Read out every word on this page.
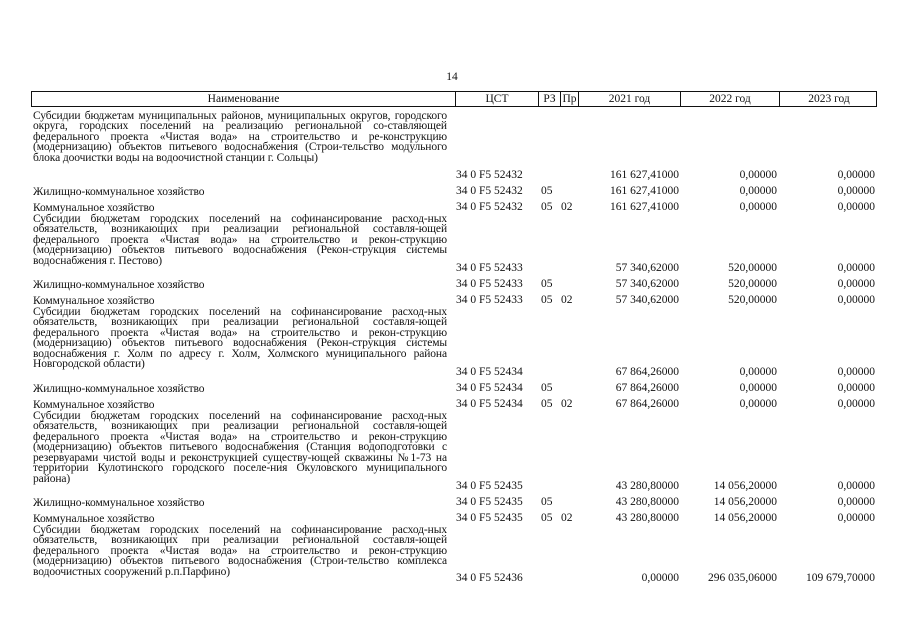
14
Наименование	ЦСТ	РЗ Пр	2021 год	2022 год	2023 год
Субсидии бюджетам муниципальных районов, муниципальных округов, городского округа, городских поселений на реализацию региональной со-ставляющей федерального проекта «Чистая вода» на строительство и ре-конструкцию (модернизацию) объектов питьевого водоснабжения (Строи-тельство модульного блока доочистки воды на водоочистной станции г. Сольцы)
34 0 F5 52432	161 627,41000	0,00000	0,00000
Жилищно-коммунальное хозяйство	34 0 F5 52432 05	161 627,41000	0,00000	0,00000
Коммунальное хозяйство	34 0 F5 52432 05 02	161 627,41000	0,00000	0,00000
Субсидии бюджетам городских поселений на софинансирование расход-ных обязательств, возникающих при реализации региональной составля-ющей федерального проекта «Чистая вода» на строительство и рекон-струкцию (модернизацию) объектов питьевого водоснабжения (Рекон-струкция системы водоснабжения г. Пестово)
34 0 F5 52433	57 340,62000	520,00000	0,00000
Жилищно-коммунальное хозяйство	34 0 F5 52433 05	57 340,62000	520,00000	0,00000
Коммунальное хозяйство	34 0 F5 52433 05 02	57 340,62000	520,00000	0,00000
Субсидии бюджетам городских поселений на софинансирование расход-ных обязательств, возникающих при реализации региональной составля-ющей федерального проекта «Чистая вода» на строительство и рекон-струкцию (модернизацию) объектов питьевого водоснабжения (Рекон-струкция системы водоснабжения г. Холм по адресу г. Холм, Холмского муниципального района Новгородской области)
34 0 F5 52434	67 864,26000	0,00000	0,00000
Жилищно-коммунальное хозяйство	34 0 F5 52434 05	67 864,26000	0,00000	0,00000
Коммунальное хозяйство	34 0 F5 52434 05 02	67 864,26000	0,00000	0,00000
Субсидии бюджетам городских поселений на софинансирование расход-ных обязательств, возникающих при реализации региональной составля-ющей федерального проекта «Чистая вода» на строительство и рекон-струкцию (модернизацию) объектов питьевого водоснабжения (Станция водоподготовки с резервуарами чистой воды и реконструкцией существу-ющей скважины №1-73 на территории Кулотинского городского поселе-ния Окуловского муниципального района)
34 0 F5 52435	43 280,80000	14 056,20000	0,00000
Жилищно-коммунальное хозяйство	34 0 F5 52435 05	43 280,80000	14 056,20000	0,00000
Коммунальное хозяйство	34 0 F5 52435 05 02	43 280,80000	14 056,20000	0,00000
Субсидии бюджетам городских поселений на софинансирование расход-ных обязательств, возникающих при реализации региональной составля-ющей федерального проекта «Чистая вода» на строительство и рекон-струкцию (модернизацию) объектов питьевого водоснабжения (Строи-тельство комплекса водоочистных сооружений р.п.Парфино)
34 0 F5 52436	0,00000	296 035,06000	109 679,70000
